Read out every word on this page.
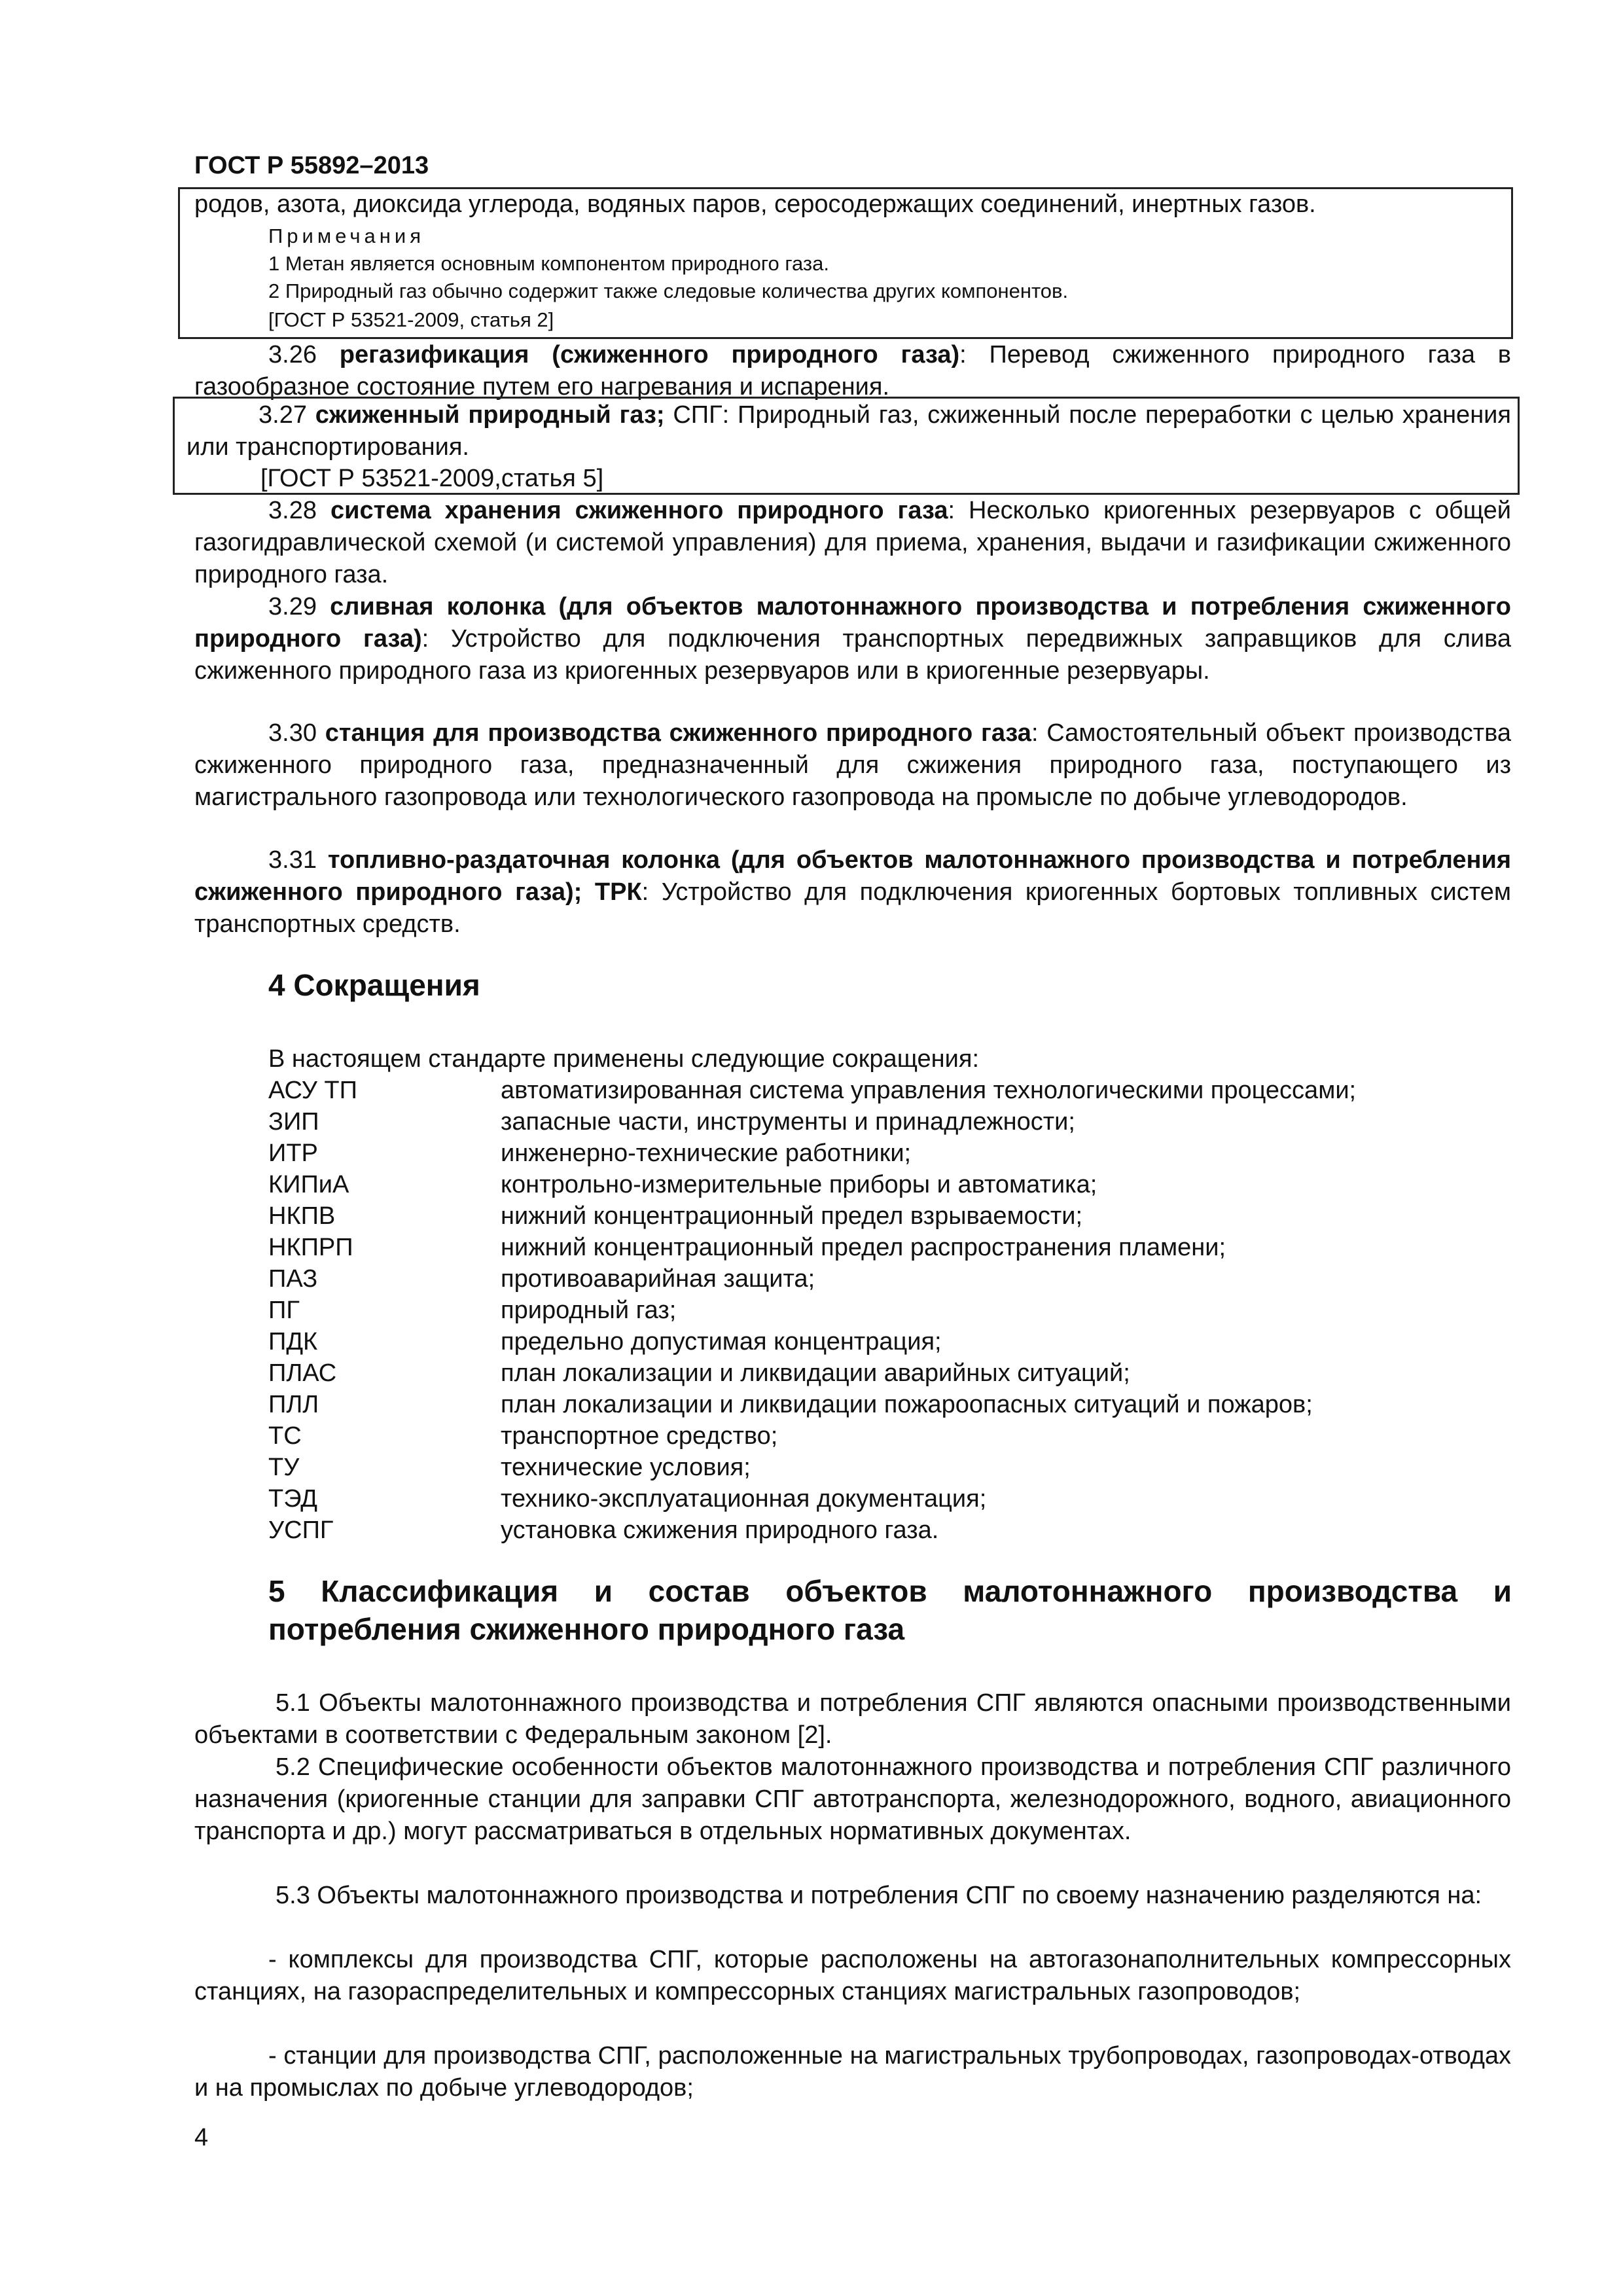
ГОСТ Р 55892–2013
родов, азота, диоксида углерода, водяных паров, серосодержащих соединений, инертных газов.
Примечания
1 Метан является основным компонентом природного газа.
2 Природный газ обычно содержит также следовые количества других компонентов.
[ГОСТ Р 53521-2009, статья 2]
3.26 регазификация (сжиженного природного газа): Перевод сжиженного природного газа в газообразное состояние путем его нагревания и испарения.
3.27 сжиженный природный газ; СПГ: Природный газ, сжиженный после переработки с целью хранения или транспортирования.
[ГОСТ Р 53521-2009,статья 5]
3.28 система хранения сжиженного природного газа: Несколько криогенных резервуаров с общей газогидравлической схемой (и системой управления) для приема, хранения, выдачи и газификации сжиженного природного газа.
3.29 сливная колонка (для объектов малотоннажного производства и потребления сжиженного природного газа): Устройство для подключения транспортных передвижных заправщиков для слива сжиженного природного газа из криогенных резервуаров или в криогенные резервуары.
3.30 станция для производства сжиженного природного газа: Самостоятельный объект производства сжиженного природного газа, предназначенный для сжижения природного газа, поступающего из магистрального газопровода или технологического газопровода на промысле по добыче углеводородов.
3.31 топливно-раздаточная колонка (для объектов малотоннажного производства и потребления сжиженного природного газа); ТРК: Устройство для подключения криогенных бортовых топливных систем транспортных средств.
4 Сокращения
В настоящем стандарте применены следующие сокращения:
АСУ ТП	автоматизированная система управления технологическими процессами;
ЗИП	запасные части, инструменты и принадлежности;
ИТР	инженерно-технические работники;
КИПиА	контрольно-измерительные приборы и автоматика;
НКПВ	нижний концентрационный предел взрываемости;
НКПРП	нижний концентрационный предел распространения пламени;
ПАЗ	противоаварийная защита;
ПГ	природный газ;
ПДК	предельно допустимая концентрация;
ПЛАС	план локализации и ликвидации аварийных ситуаций;
ПЛЛ	план локализации и ликвидации пожароопасных ситуаций и пожаров;
ТС	транспортное средство;
ТУ	технические условия;
ТЭД	технико-эксплуатационная документация;
УСПГ	установка сжижения природного газа.
5 Классификация и состав объектов малотоннажного производства и
потребления сжиженного природного газа
5.1 Объекты малотоннажного производства и потребления СПГ являются опасными производственными объектами в соответствии с Федеральным законом [2].
5.2 Специфические особенности объектов малотоннажного производства и потребления СПГ различного назначения (криогенные станции для заправки СПГ автотранспорта, железнодорожного, водного, авиационного транспорта и др.) могут рассматриваться в отдельных нормативных документах.
5.3 Объекты малотоннажного производства и потребления СПГ по своему назначению разделяются на:
- комплексы для производства СПГ, которые расположены на автогазонаполнительных компрессорных станциях, на газораспределительных и компрессорных станциях магистральных газопроводов;
- станции для производства СПГ, расположенные на магистральных трубопроводах, газопроводах-отводах и на промыслах по добыче углеводородов;
4
